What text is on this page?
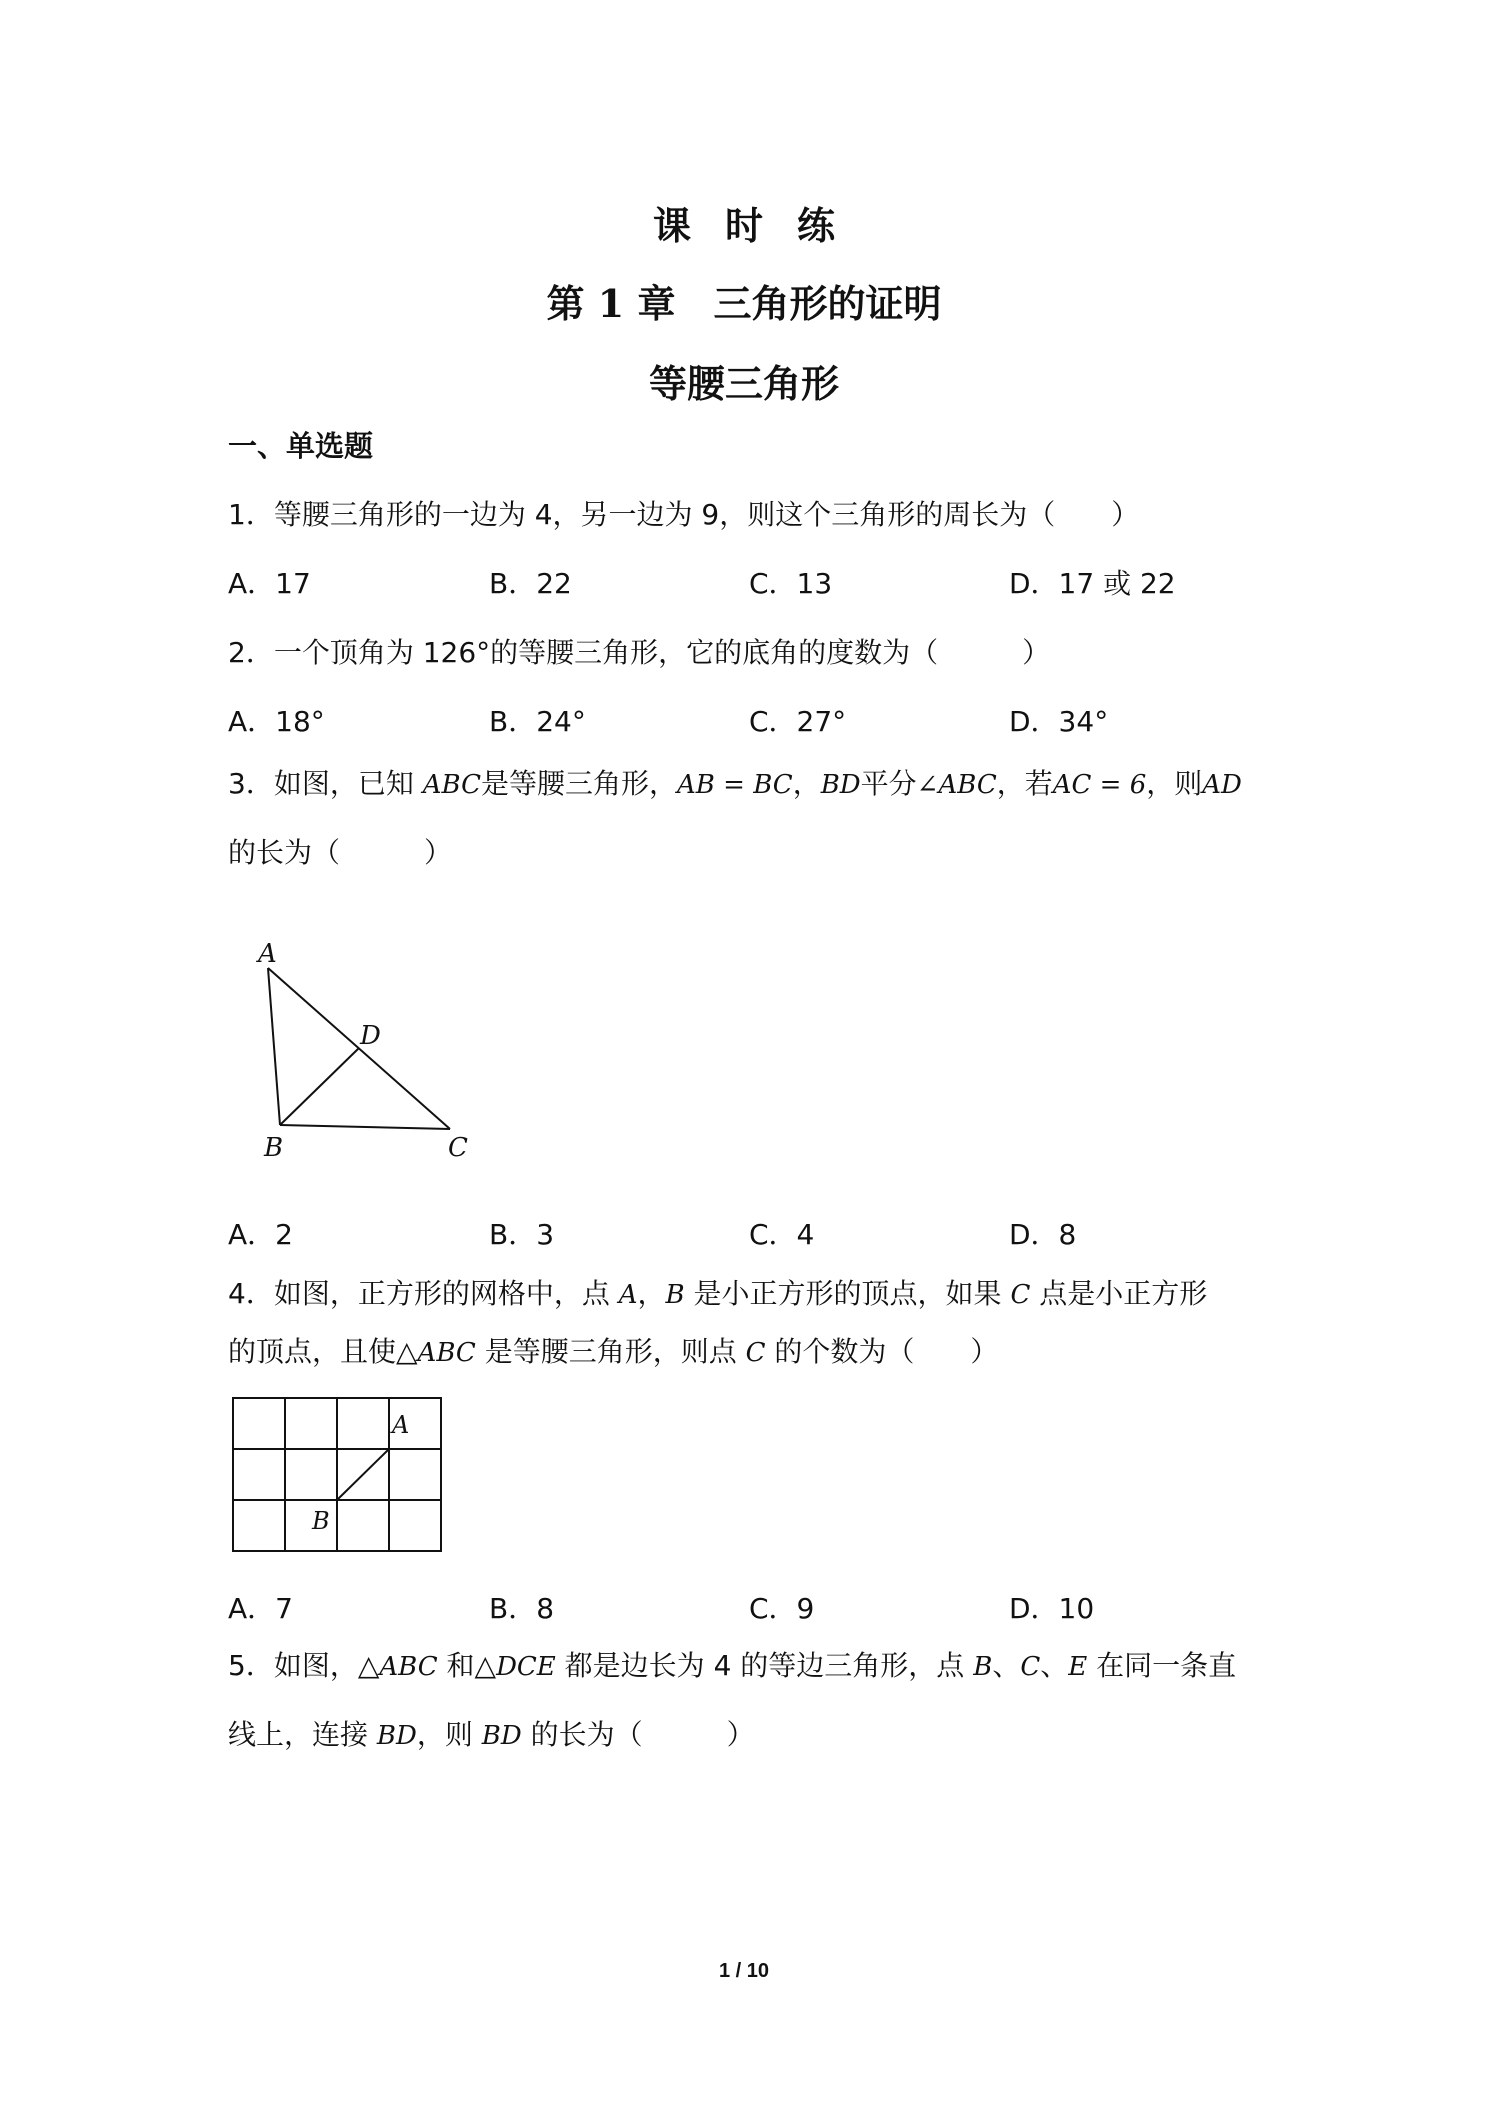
课时练
第 1 章　三角形的证明
等腰三角形
一、单选题
1．等腰三角形的一边为 4，另一边为 9，则这个三角形的周长为（　　）
A．17	B．22	C．13	D．17 或 22
2．一个顶角为 126°的等腰三角形，它的底角的度数为（　　　）
A．18°	B．24°	C．27°	D．34°
3．如图，已知 ABC是等腰三角形，AB = BC，BD平分∠ABC，若AC = 6，则AD
的长为（　　　）
A
B	C
D
A．2	B．3	C．4	D．8
4．如图，正方形的网格中，点 A，B 是小正方形的顶点，如果 C 点是小正方形
的顶点，且使△ABC 是等腰三角形，则点 C 的个数为（　　）
A
B
A．7	B．8	C．9	D．10
5．如图，△ABC 和△DCE 都是边长为 4 的等边三角形，点 B、C、E 在同一条直
线上，连接 BD，则 BD 的长为（　　　）
1 / 10
